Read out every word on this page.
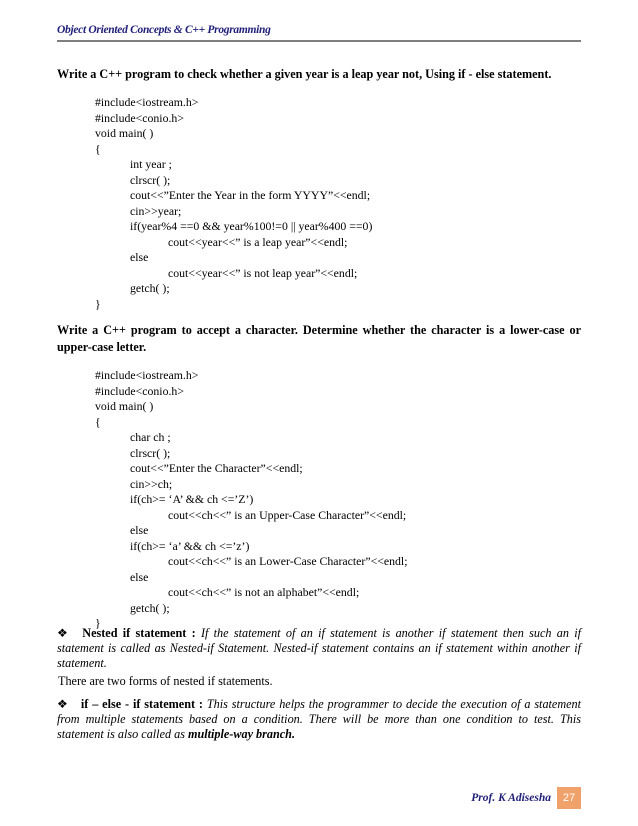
Object Oriented Concepts & C++ Programming
Write a C++ program to check whether a given year is a leap year not, Using if - else statement.
#include<iostream.h>
#include<conio.h>
void main( )
{
int year ;
clrscr( );
cout<<”Enter the Year in the form YYYY”<<endl;
cin>>year;
if(year%4 ==0 && year%100!=0 || year%400 ==0)
cout<<year<<” is a leap year”<<endl;
else
cout<<year<<” is not leap year”<<endl;
getch( );
}
Write a C++ program to accept a character. Determine whether the character is a lower-case or upper-case letter.
#include<iostream.h>
#include<conio.h>
void main( )
{
char ch ;
clrscr( );
cout<<”Enter the Character”<<endl;
cin>>ch;
if(ch>= ‘A’ && ch <=’Z’)
cout<<ch<<” is an Upper-Case Character”<<endl;
else
if(ch>= ‘a’ && ch <=’z’)
cout<<ch<<” is an Lower-Case Character”<<endl;
else
cout<<ch<<” is not an alphabet”<<endl;
getch( );
}
❖ Nested if statement : If the statement of an if statement is another if statement then such an if statement is called as Nested-if Statement. Nested-if statement contains an if statement within another if statement.
There are two forms of nested if statements.
❖ if – else - if statement : This structure helps the programmer to decide the execution of a statement from multiple statements based on a condition. There will be more than one condition to test. This statement is also called as multiple-way branch.
Prof. K Adisesha	27
